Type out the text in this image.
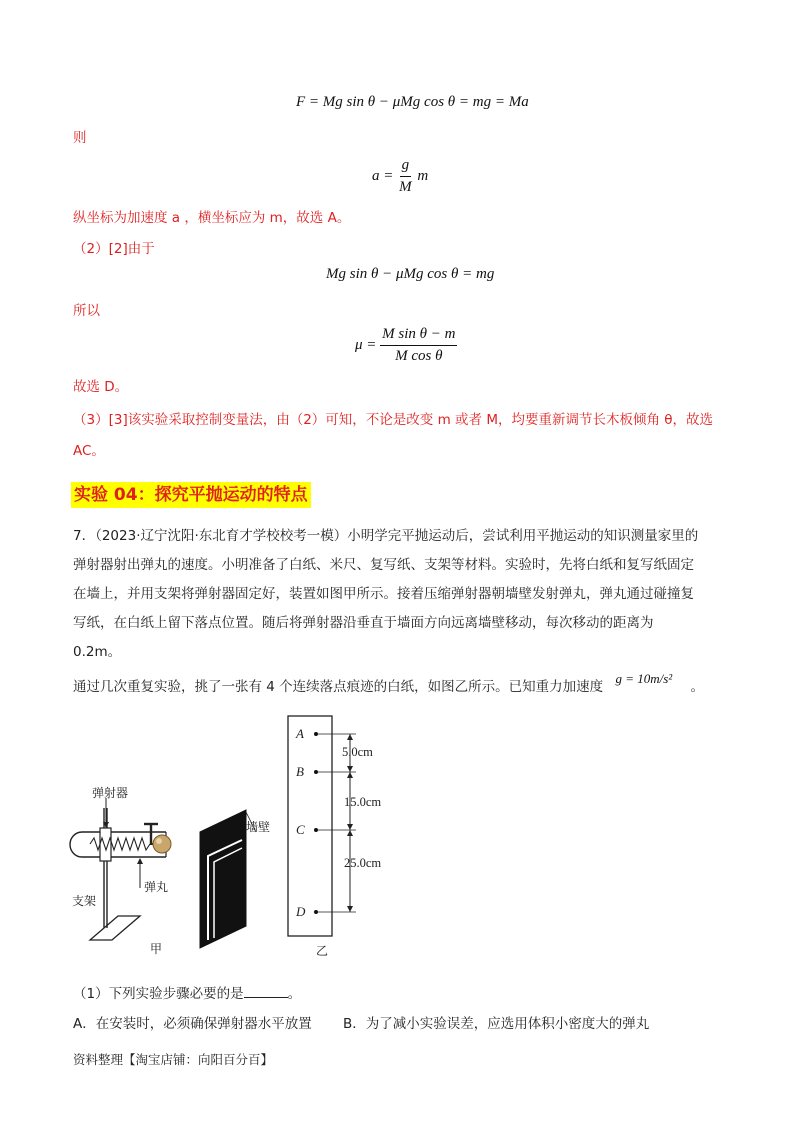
F = Mg sin θ − μMg cos θ = mg = Ma
则
$a = \frac{g}{M}$ m
纵坐标为加速度 a ，横坐标应为 m，故选 A。
（2）[2]由于
Mg sin θ − μMg cos θ = mg
所以
$\mu = \frac{\text{M sin θ − m}}{\text{M cos θ}}$
故选 D。
（3）[3]该实验采取控制变量法，由（2）可知，不论是改变 m 或者 M，均要重新调节长木板倾角 θ，故选
AC。
实验 04：探究平抛运动的特点
7．（2023·辽宁沈阳·东北育才学校校考一模）小明学完平抛运动后，尝试利用平抛运动的知识测量家里的
弹射器射出弹丸的速度。小明准备了白纸、米尺、复写纸、支架等材料。实验时，先将白纸和复写纸固定
在墙上，并用支架将弹射器固定好，装置如图甲所示。接着压缩弹射器朝墙壁发射弹丸，弹丸通过碰撞复
写纸，在白纸上留下落点位置。随后将弹射器沿垂直于墙面方向远离墙壁移动，每次移动的距离为 0.2m。
通过几次重复实验，挑了一张有 4 个连续落点痕迹的白纸，如图乙所示。已知重力加速度 g = 10m/s² 。
弹射器
墙壁
弹丸
支架
甲	乙
A
B
C
D
5.0cm
15.0cm
25.0cm
（1）下列实验步骤必要的是	。
A．在安装时，必须确保弹射器水平放置 B．为了减小实验误差，应选用体积小密度大的弹丸
资料整理【淘宝店铺：向阳百分百】
